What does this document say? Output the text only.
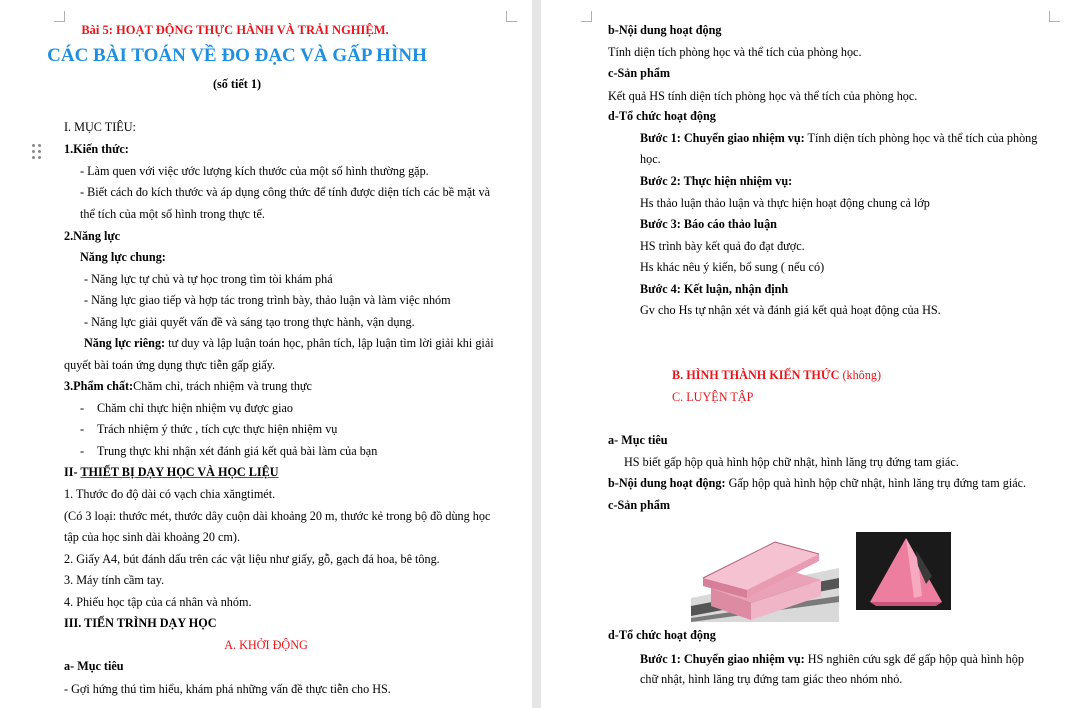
Bài 5: HOẠT ĐỘNG THỰC HÀNH VÀ TRẢI NGHIỆM.
CÁC BÀI TOÁN VỀ ĐO ĐẠC VÀ GẤP HÌNH
(số tiết 1)
I. MỤC TIÊU:
1.Kiến thức:
- Làm quen với việc ước lượng kích thước của một số hình thường gặp.
- Biết cách đo kích thước và áp dụng công thức để tính được diện tích các bề mặt và
thể tích của một số hình trong thực tế.
2.Năng lực
Năng lực chung:
- Năng lực tự chủ và tự học trong tìm tòi khám phá
- Năng lực giao tiếp và hợp tác trong trình bày, thảo luận và làm việc nhóm
- Năng lực giải quyết vấn đề và sáng tạo trong thực hành, vận dụng.
Năng lực riêng: tư duy và lập luận toán học, phân tích, lập luận tìm lời giải khi giải
quyết bài toán ứng dụng thực tiễn gấp giấy.
3.Phẩm chất:Chăm chỉ, trách nhiệm và trung thực
- Chăm chỉ thực hiện nhiệm vụ được giao
- Trách nhiệm ý thức , tích cực thực hiện nhiệm vụ
- Trung thực khi nhận xét đánh giá kết quả bài làm của bạn
II- THIẾT BỊ DẠY HỌC VÀ HỌC LIỆU
1. Thước đo độ dài có vạch chia xăngtimét.
(Có 3 loại: thước mét, thước dây cuộn dài khoảng 20 m, thước kẻ trong bộ đồ dùng học
tập của học sinh dài khoảng 20 cm).
2. Giấy A4, bút đánh dấu trên các vật liệu như giấy, gỗ, gạch đá hoa, bê tông.
3. Máy tính cầm tay.
4. Phiếu học tập của cá nhân và nhóm.
III. TIẾN TRÌNH DẠY HỌC
A. KHỞI ĐỘNG
a- Mục tiêu
- Gợi hứng thú tìm hiểu, khám phá những vấn đề thực tiễn cho HS.
b-Nội dung hoạt động
Tính diện tích phòng học và thể tích của phòng học.
c-Sản phẩm
Kết quả HS tính diện tích phòng học và thể tích của phòng học.
d-Tổ chức hoạt động
Bước 1: Chuyển giao nhiệm vụ: Tính diện tích phòng học và thể tích của phòng
học.
Bước 2: Thực hiện nhiệm vụ:
Hs thảo luận thảo luận và thực hiện hoạt động chung cả lớp
Bước 3: Báo cáo thảo luận
HS trình bày kết quả đo đạt được.
Hs khác nêu ý kiến, bổ sung ( nếu có)
Bước 4: Kết luận, nhận định
Gv cho Hs tự nhận xét và đánh giá kết quả hoạt động của HS.
B. HÌNH THÀNH KIẾN THỨC (không)
C. LUYỆN TẬP
a- Mục tiêu
HS biết gấp hộp quà hình hộp chữ nhật, hình lăng trụ đứng tam giác.
b-Nội dung hoạt động: Gấp hộp quà hình hộp chữ nhật, hình lăng trụ đứng tam giác.
c-Sản phẩm
d-Tổ chức hoạt động
Bước 1: Chuyển giao nhiệm vụ: HS nghiên cứu sgk để gấp hộp quà hình hộp
chữ nhật, hình lăng trụ đứng tam giác theo nhóm nhỏ.
